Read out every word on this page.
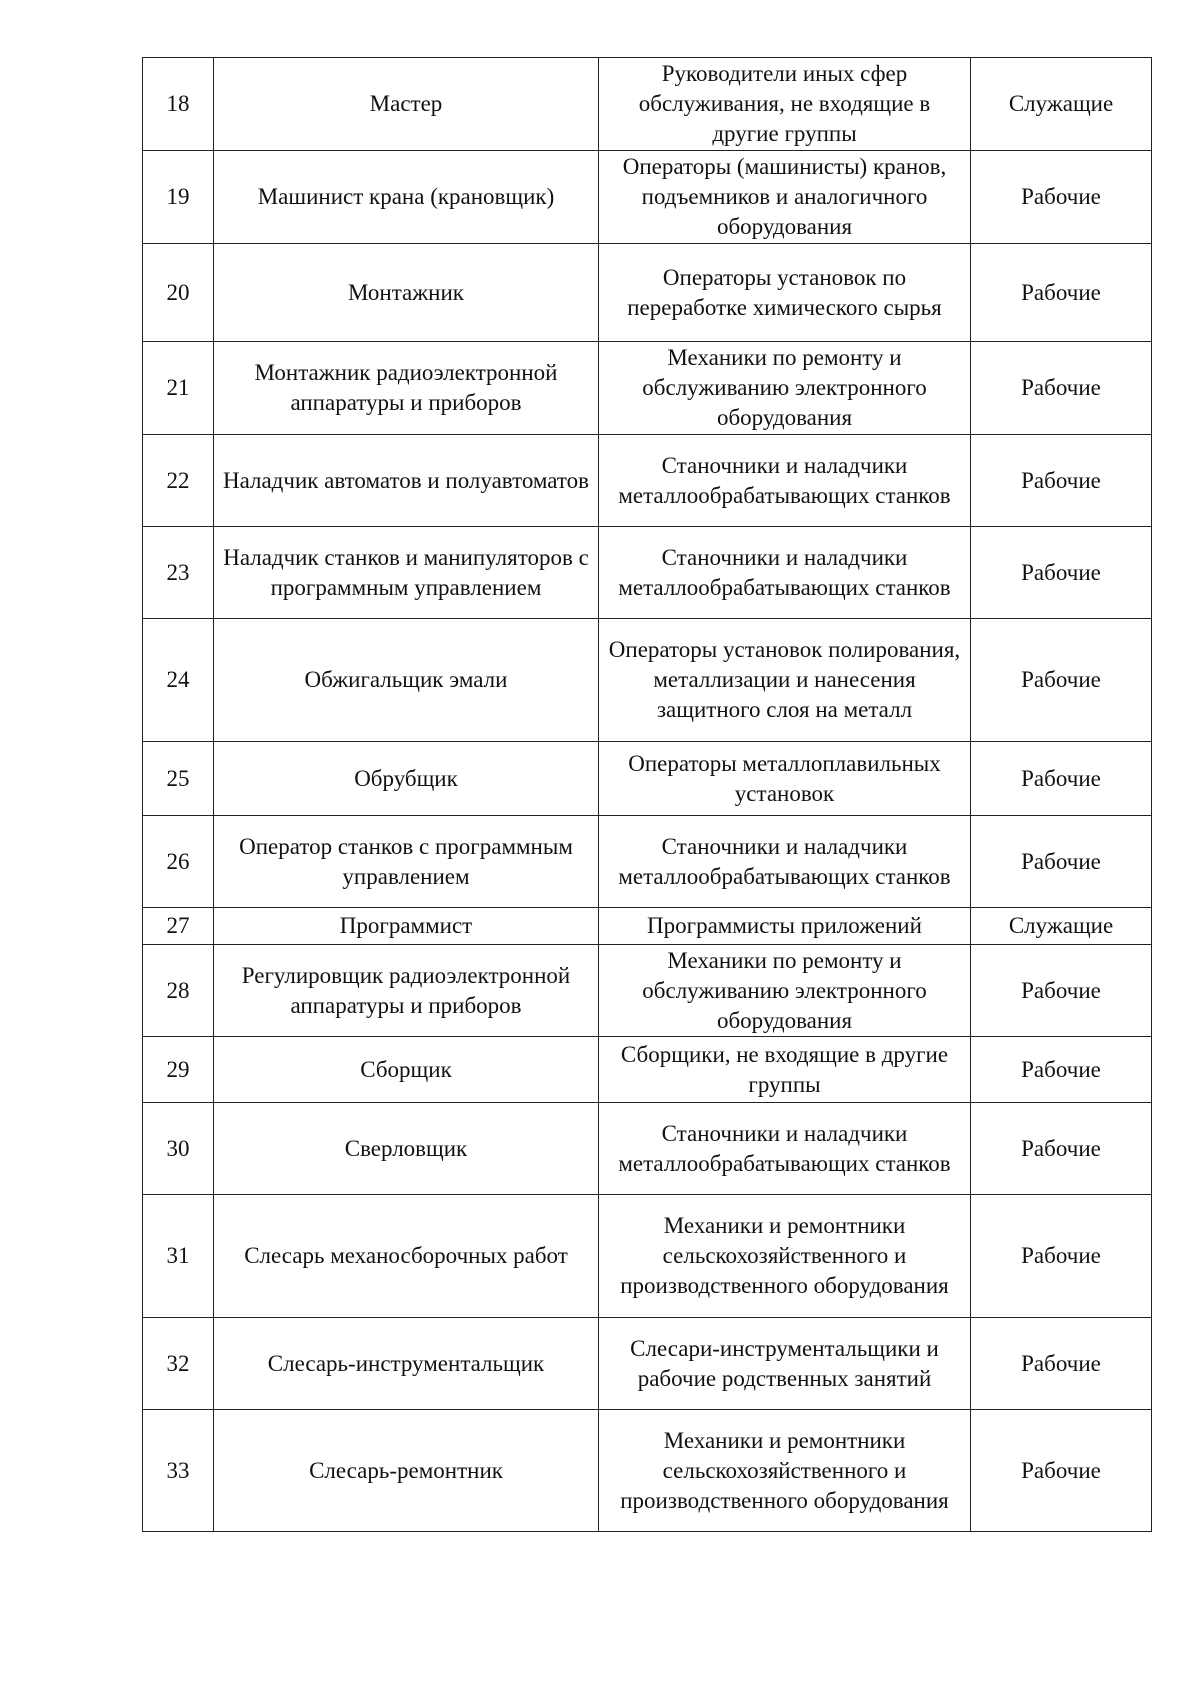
18	Мастер	Руководители иных сфер обслуживания, не входящие в другие группы	Служащие
19	Машинист крана (крановщик)	Операторы (машинисты) кранов, подъемников и аналогичного оборудования	Рабочие
20	Монтажник	Операторы установок по переработке химического сырья	Рабочие
21	Монтажник радиоэлектронной аппаратуры и приборов	Механики по ремонту и обслуживанию электронного оборудования	Рабочие
22	Наладчик автоматов и полуавтоматов	Станочники и наладчики металлообрабатывающих станков	Рабочие
23	Наладчик станков и манипуляторов с программным управлением	Станочники и наладчики металлообрабатывающих станков	Рабочие
24	Обжигальщик эмали	Операторы установок полирования, металлизации и нанесения защитного слоя на металл	Рабочие
25	Обрубщик	Операторы металлоплавильных установок	Рабочие
26	Оператор станков с программным управлением	Станочники и наладчики металлообрабатывающих станков	Рабочие
27	Программист	Программисты приложений	Служащие
28	Регулировщик радиоэлектронной аппаратуры и приборов	Механики по ремонту и обслуживанию электронного оборудования	Рабочие
29	Сборщик	Сборщики, не входящие в другие группы	Рабочие
30	Сверловщик	Станочники и наладчики металлообрабатывающих станков	Рабочие
31	Слесарь механосборочных работ	Механики и ремонтники сельскохозяйственного и производственного оборудования	Рабочие
32	Слесарь-инструментальщик	Слесари-инструментальщики и рабочие родственных занятий	Рабочие
33	Слесарь-ремонтник	Механики и ремонтники сельскохозяйственного и производственного оборудования	Рабочие
